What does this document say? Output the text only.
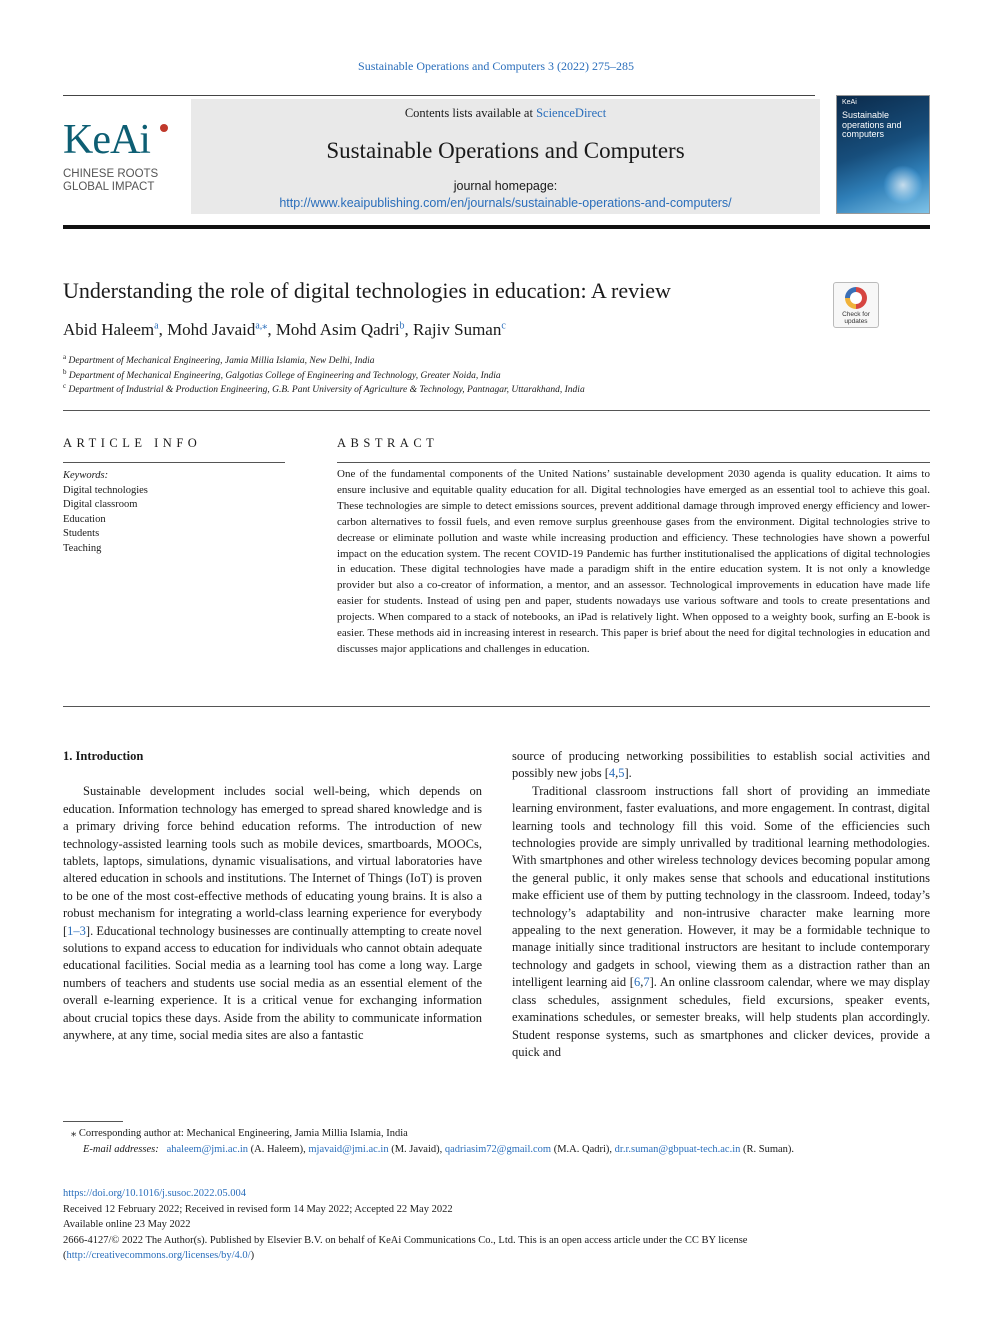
Sustainable Operations and Computers 3 (2022) 275–285
KeAi
CHINESE ROOTS
GLOBAL IMPACT
Contents lists available at ScienceDirect
Sustainable Operations and Computers
journal homepage:
http://www.keaipublishing.com/en/journals/sustainable-operations-and-computers/
KeAi
Sustainable operations and computers
Understanding the role of digital technologies in education: A review
Check for updates
Abid Haleem$^a$, Mohd Javaid$^{a,⁎}$, Mohd Asim Qadri$^b$, Rajiv Suman$^c$
$^a$ Department of Mechanical Engineering, Jamia Millia Islamia, New Delhi, India
$^b$ Department of Mechanical Engineering, Galgotias College of Engineering and Technology, Greater Noida, India
$^c$ Department of Industrial & Production Engineering, G.B. Pant University of Agriculture & Technology, Pantnagar, Uttarakhand, India
ARTICLE INFO	ABSTRACT
Keywords:
Digital technologies
Digital classroom
Education
Students
Teaching
One of the fundamental components of the United Nations’ sustainable development 2030 agenda is quality education. It aims to ensure inclusive and equitable quality education for all. Digital technologies have emerged as an essential tool to achieve this goal. These technologies are simple to detect emissions sources, prevent additional damage through improved energy efficiency and lower-carbon alternatives to fossil fuels, and even remove surplus greenhouse gases from the environment. Digital technologies strive to decrease or eliminate pollution and waste while increasing production and efficiency. These technologies have shown a powerful impact on the education system. The recent COVID-19 Pandemic has further institutionalised the applications of digital technologies in education. These digital technologies have made a paradigm shift in the entire education system. It is not only a knowledge provider but also a co-creator of information, a mentor, and an assessor. Technological improvements in education have made life easier for students. Instead of using pen and paper, students nowadays use various software and tools to create presentations and projects. When compared to a stack of notebooks, an iPad is relatively light. When opposed to a weighty book, surfing an E-book is easier. These methods aid in increasing interest in research. This paper is brief about the need for digital technologies in education and discusses major applications and challenges in education.
1. Introduction

Sustainable development includes social well-being, which depends on education. Information technology has emerged to spread shared knowledge and is a primary driving force behind education reforms. The introduction of new technology-assisted learning tools such as mobile devices, smartboards, MOOCs, tablets, laptops, simulations, dynamic visualisations, and virtual laboratories have altered education in schools and institutions. The Internet of Things (IoT) is proven to be one of the most cost-effective methods of educating young brains. It is also a robust mechanism for integrating a world-class learning experience for everybody [1–3]. Educational technology businesses are continually attempting to create novel solutions to expand access to education for individuals who cannot obtain adequate educational facilities. Social media as a learning tool has come a long way. Large numbers of teachers and students use social media as an essential element of the overall e-learning experience. It is a critical venue for exchanging information about crucial topics these days. Aside from the ability to communicate information anywhere, at any time, social media sites are also a fantastic

source of producing networking possibilities to establish social activities and possibly new jobs [4,5].

Traditional classroom instructions fall short of providing an immediate learning environment, faster evaluations, and more engagement. In contrast, digital learning tools and technology fill this void. Some of the efficiencies such technologies provide are simply unrivalled by traditional learning methodologies. With smartphones and other wireless technology devices becoming popular among the general public, it only makes sense that schools and educational institutions make efficient use of them by putting technology in the classroom. Indeed, today’s technology’s adaptability and non-intrusive character make learning more appealing to the next generation. However, it may be a formidable technique to manage initially since traditional instructors are hesitant to include contemporary technology and gadgets in school, viewing them as a distraction rather than an intelligent learning aid [6,7]. An online classroom calendar, where we may display class schedules, assignment schedules, field excursions, speaker events, examinations schedules, or semester breaks, will help students plan accordingly. Student response systems, such as smartphones and clicker devices, provide a quick and

⁎ Corresponding author at: Mechanical Engineering, Jamia Millia Islamia, India
E-mail addresses: ahaleem@jmi.ac.in (A. Haleem), mjavaid@jmi.ac.in (M. Javaid), qadriasim72@gmail.com (M.A. Qadri), dr.r.suman@gbpuat-tech.ac.in (R. Suman).
https://doi.org/10.1016/j.susoc.2022.05.004
Received 12 February 2022; Received in revised form 14 May 2022; Accepted 22 May 2022
Available online 23 May 2022
2666-4127/© 2022 The Author(s). Published by Elsevier B.V. on behalf of KeAi Communications Co., Ltd. This is an open access article under the CC BY license (http://creativecommons.org/licenses/by/4.0/)
